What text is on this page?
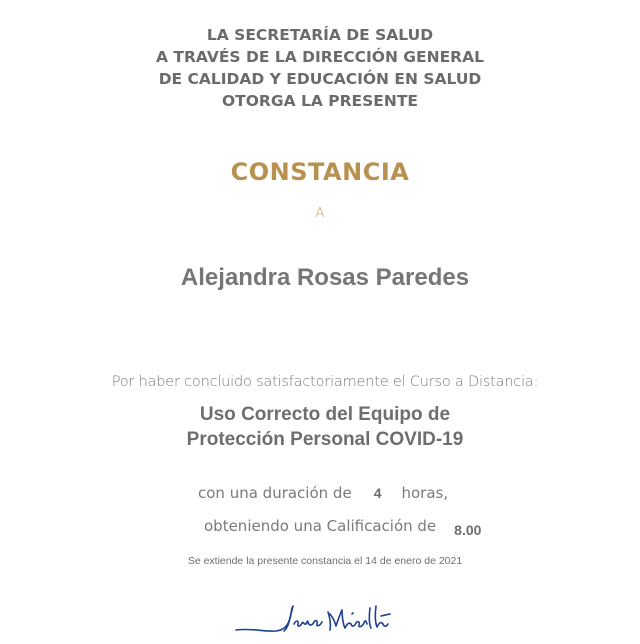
LA SECRETARÍA DE SALUD
A TRAVÉS DE LA DIRECCIÓN GENERAL
DE CALIDAD Y EDUCACIÓN EN SALUD
OTORGA LA PRESENTE
CONSTANCIA
A
Alejandra Rosas Paredes
Por haber concluido satisfactoriamente el Curso a Distancia:
Uso Correcto del Equipo de
Protección Personal COVID-19
con una duración de 4 horas,
obteniendo una Calificación de 8.00
Se extiende la presente constancia el 14 de enero de 2021
